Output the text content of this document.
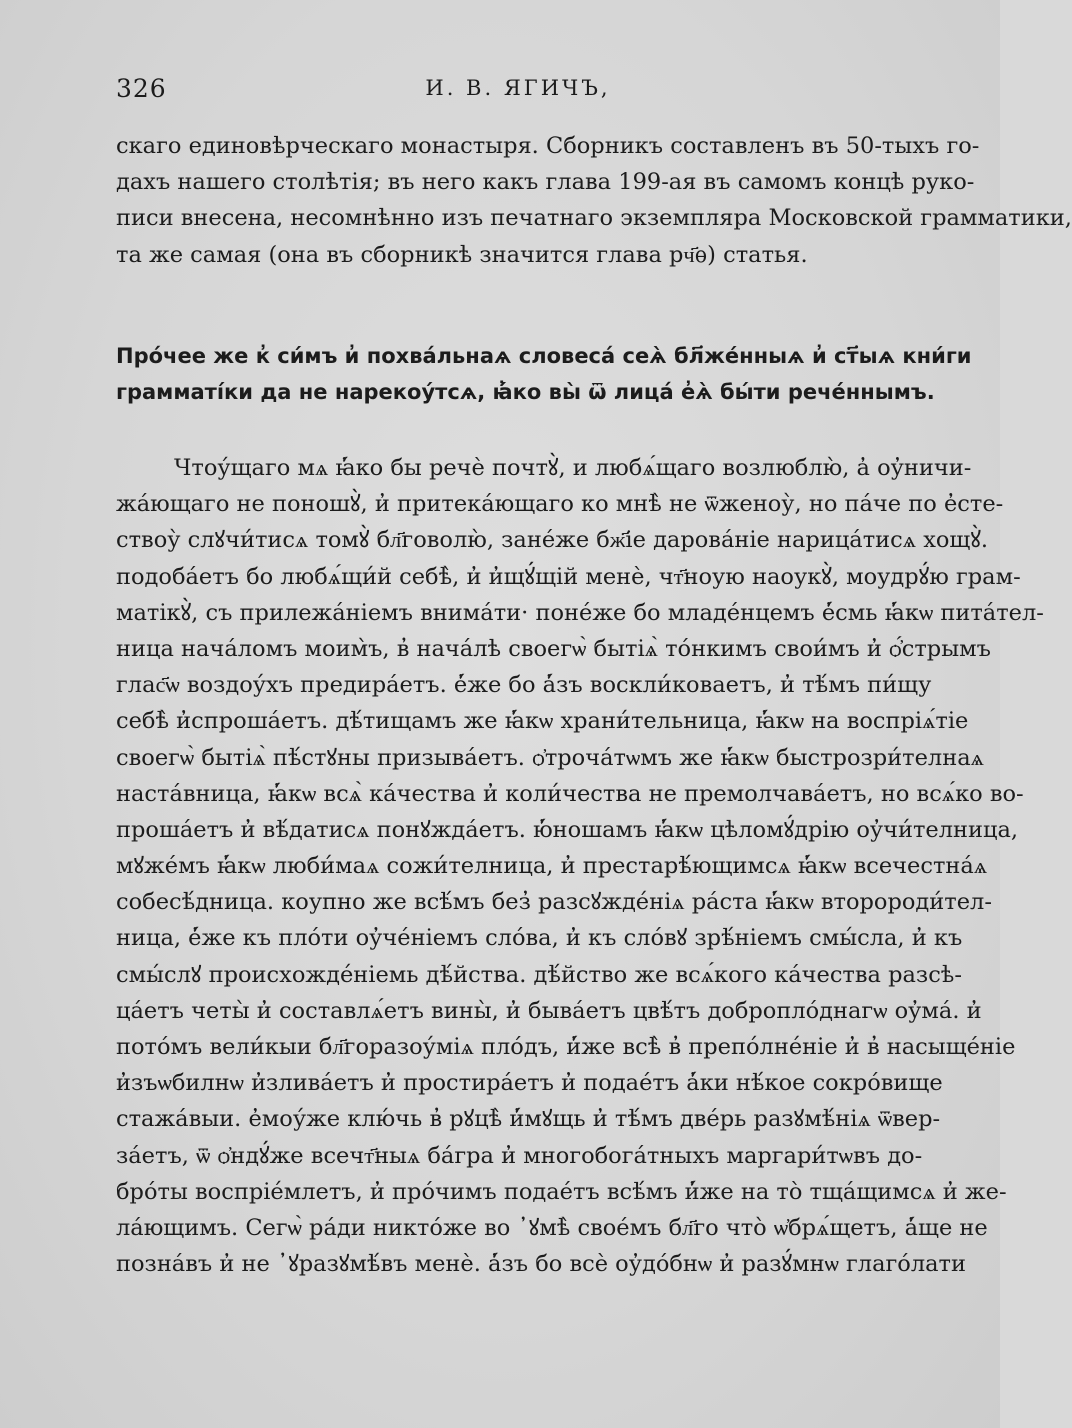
326	И. В. ЯГИЧЪ,
скаго единовѣрческаго монастыря. Сборникъ составленъ въ 50-тыхъ го-
дахъ нашего столѣтія; въ него какъ глава 199-ая въ самомъ концѣ руко-
писи внесена, несомнѣнно изъ печатнаго экземпляра Московской грамматики,
та же самая (она въ сборникѣ значится глава рч҃ѳ) статья.
Прóчее же к̓ си́мъ и̓ похвáльнаѧ словесá сеѧ̀ бл҃же́нныѧ и̓ ст҃ыѧ кни́ги
грамматі́ки да не нарекоу́тсѧ, ꙗ̓́ко вы̀ ѿ лицá е̓ѧ̀ бы́ти рече́ннымъ.
Чтоу́щаго мѧ ꙗ̓́ко бы речѐ почтꙋ̀, и любѧ́щаго возлюблю̀, а̓ оу̓ничи-
жáющаго не поношꙋ̀, и̓ притекáющаго ко мнѣ̀ не ѿженоу̀, но пáче по е̓сте-
ствоу̀ слꙋчи́тисѧ томꙋ̀ бл҃говолю̀, занéже бж҃іе даровáніе нарицáтисѧ хощꙋ̀.
подобáетъ бо любѧ́щи́й себѣ̀, и̓ и̓щꙋ́щій менѐ, чт҃ноую наоукꙋ̀, моудрꙋ́ю грам-
матікꙋ̀, съ прилежáніемъ внимáти· понéже бо младéнцемъ е̓́смь ꙗ̓́кѡ питáтел-
ница начáломъ моим̀ъ, в̓ начáлѣ своегѡ̀ бытіѧ̀ тóнкимъ свои́мъ и̓ ѻ̓́стрымъ
глас҃ѡ воздоу́хъ предирáетъ. е̓́же бо а̓́зъ воскли́коваетъ, и̓ тѣ́мъ пи́щу
себѣ̀ и̓спрошáетъ. дѣ́тищамъ же ꙗ̓́кѡ храни́тельница, ꙗ̓́кѡ на воспріѧ́тіе
своегѡ̀ бытіѧ̀ пѣ́стꙋны призывáетъ. ѻ̓трочáтѡмъ же ꙗ̓́кѡ быстрозри́телнаѧ
настáвница, ꙗ̓́кѡ всѧ̀ кáчества и̓ коли́чества не премолчавáетъ, но всѧ́ко во-
прошáетъ и̓ вѣ́датисѧ понꙋждáетъ. ю̓́ношамъ ꙗ̓́кѡ цѣломꙋ́дрію оу̓чи́телница,
мꙋжéмъ ꙗ̓́кѡ люби́маѧ сожи́телница, и̓ престарѣ́ющимсѧ ꙗ̓́кѡ всечестнáѧ
собесѣ́дница. коупно же всѣ́мъ без̓ разсꙋжде́ніѧ рáста ꙗ̓́кѡ второроди́тел-
ница, е̓́же къ плóти оу̓чéніемъ слóва, и̓ къ слóвꙋ зрѣ́ніемъ смы́сла, и̓ къ
смы́слꙋ происхожде́ніемь дѣ́йства. дѣ́йство же всѧ́кого кáчества разсѣ-
цáетъ четы̀ и̓ составлѧ́етъ вины̀, и̓ бывáетъ цвѣ́тъ доброплóднагѡ оу̓мá. и̓
потóмъ вели́кыи бл҃горазоу́міѧ плóдъ, и̓́же всѣ̀ в̓ препо́лне́ніе и̓ в̓ насыщéніе
и̓зъѡбилнѡ и̓зливáетъ и̓ простирáетъ и̓ подаéтъ а̓́ки нѣ́кое сокрóвище
стажáвыи. е̓моу́же клю́чь в̓ рꙋцѣ̀ и̓́мꙋщь и̓ тѣ́мъ двéрь разꙋмѣ́ніѧ ѿвер-
зáетъ, ѿ ѻ̓ндꙋ́же всечт҃ныѧ бáгра и̓ многобогáтныхъ маргари́тѡвъ до-
брóты воспріе́млетъ, и̓ прóчимъ подаéтъ всѣ́мъ и̓́же на тò тщáщимсѧ и̓ же-
лáющимъ. Сегѡ̀ рáди никтóже во ᾿ꙋмѣ̀ своéмъ бл҃го что̀ ѡ̓брѧ́щетъ, а̓́ще не
познáвъ и̓ не ᾿ꙋразꙋмѣ́въ менѐ. а̓́зъ бо всѐ оу̓дóбнѡ и̓ разꙋ́мнѡ глагóлати
